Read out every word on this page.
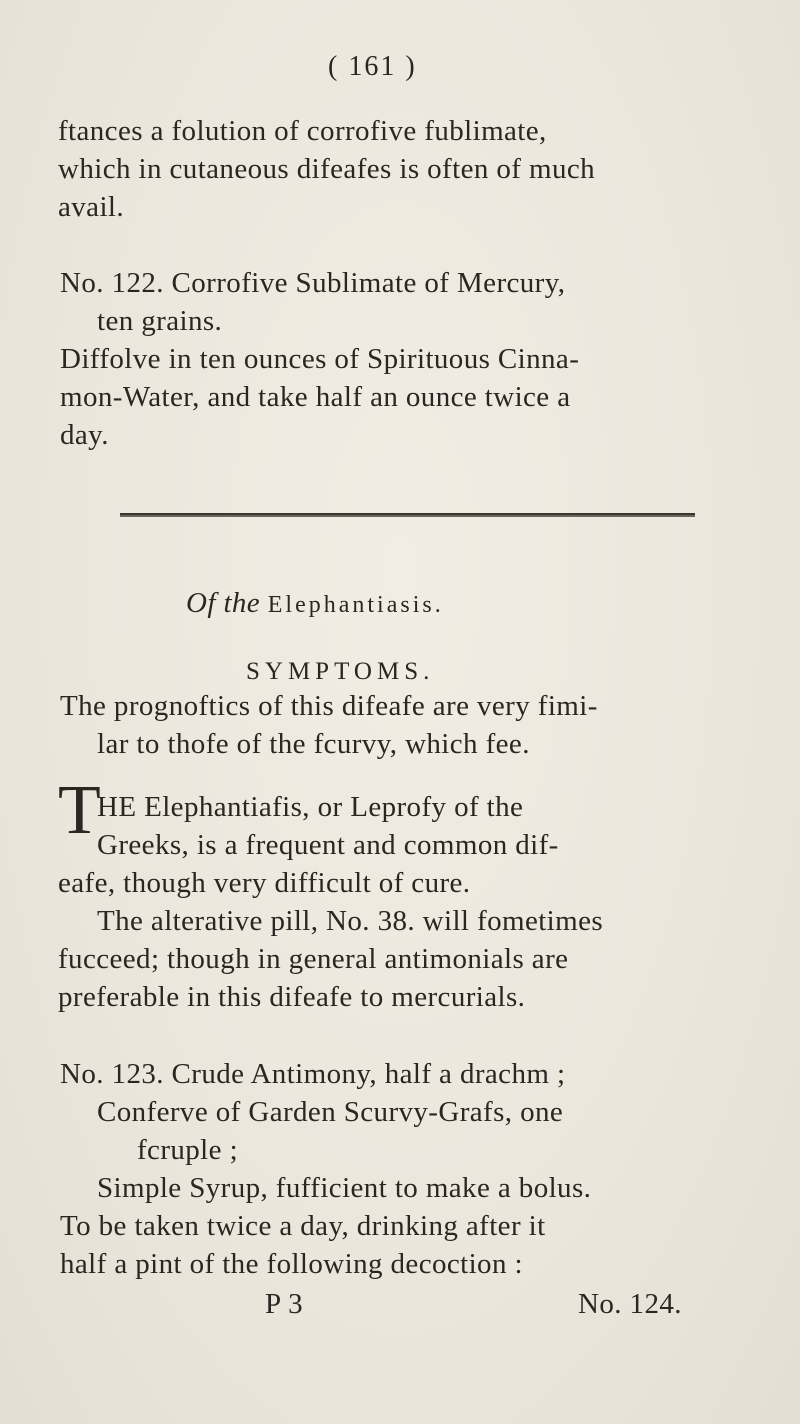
( 161 )
ftances a folution of corrofive fublimate,
which in cutaneous difeafes is often of much
avail.
No. 122. Corrofive Sublimate of Mercury,
ten grains.
Diffolve in ten ounces of Spirituous Cinna-
mon-Water, and take half an ounce twice a
day.
Of the Elephantiasis.
SYMPTOMS.
The prognoftics of this difeafe are very fimi-
lar to thofe of the fcurvy, which fee.
T
HE Elephantiafis, or Leprofy of the
Greeks, is a frequent and common dif-
eafe, though very difficult of cure.
The alterative pill, No. 38. will fometimes
fucceed; though in general antimonials are
preferable in this difeafe to mercurials.
No. 123. Crude Antimony, half a drachm ;
Conferve of Garden Scurvy-Grafs, one
fcruple ;
Simple Syrup, fufficient to make a bolus.
To be taken twice a day, drinking after it
half a pint of the following decoction :
P 3	No. 124.
